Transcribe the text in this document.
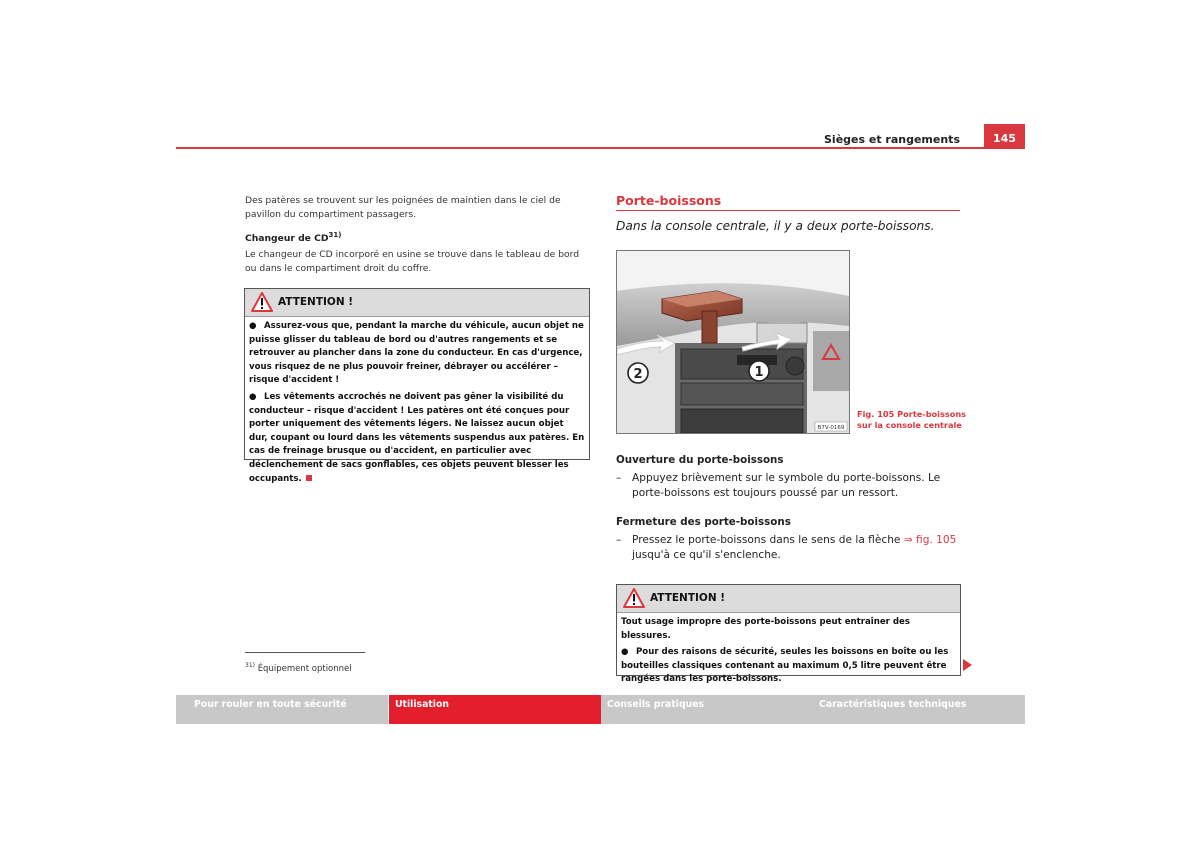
Sièges et rangements	145
Des patères se trouvent sur les poignées de maintien dans le ciel de pavillon du compartiment passagers.
Changeur de CD$^{31)}$
Le changeur de CD incorporé en usine se trouve dans le tableau de bord ou dans le compartiment droit du coffre.
ATTENTION !

● Assurez-vous que, pendant la marche du véhicule, aucun objet ne puisse glisser du tableau de bord ou d'autres rangements et se retrouver au plancher dans la zone du conducteur. En cas d'urgence, vous risquez de ne plus pouvoir freiner, débrayer ou accélérer – risque d'accident !

● Les vêtements accrochés ne doivent pas gêner la visibilité du conducteur – risque d'accident ! Les patères ont été conçues pour porter uniquement des vêtements légers. Ne laissez aucun objet dur, coupant ou lourd dans les vêtements suspendus aux patères. En cas de freinage brusque ou d'accident, en particulier avec déclenchement de sacs gonflables, ces objets peuvent blesser les occupants.

$^{31)}$ Équipement optionnel
Porte-boissons
Dans la console centrale, il y a deux porte-boissons.
2	1
B7V-0169
Fig. 105 Porte-boissons sur la console centrale
Ouverture du porte-boissons
– Appuyez brièvement sur le symbole du porte-boissons. Le porte-boissons est toujours poussé par un ressort.
Fermeture des porte-boissons
– Pressez le porte-boissons dans le sens de la flèche ⇒ fig. 105
jusqu'à ce qu'il s'enclenche.
ATTENTION !

Tout usage impropre des porte-boissons peut entraîner des blessures.

● Pour des raisons de sécurité, seules les boissons en boîte ou les bouteilles classiques contenant au maximum 0,5 litre peuvent être rangées dans les porte-boissons.

Pour rouler en toute sécurité	Utilisation	Conseils pratiques	Caractéristiques techniques
